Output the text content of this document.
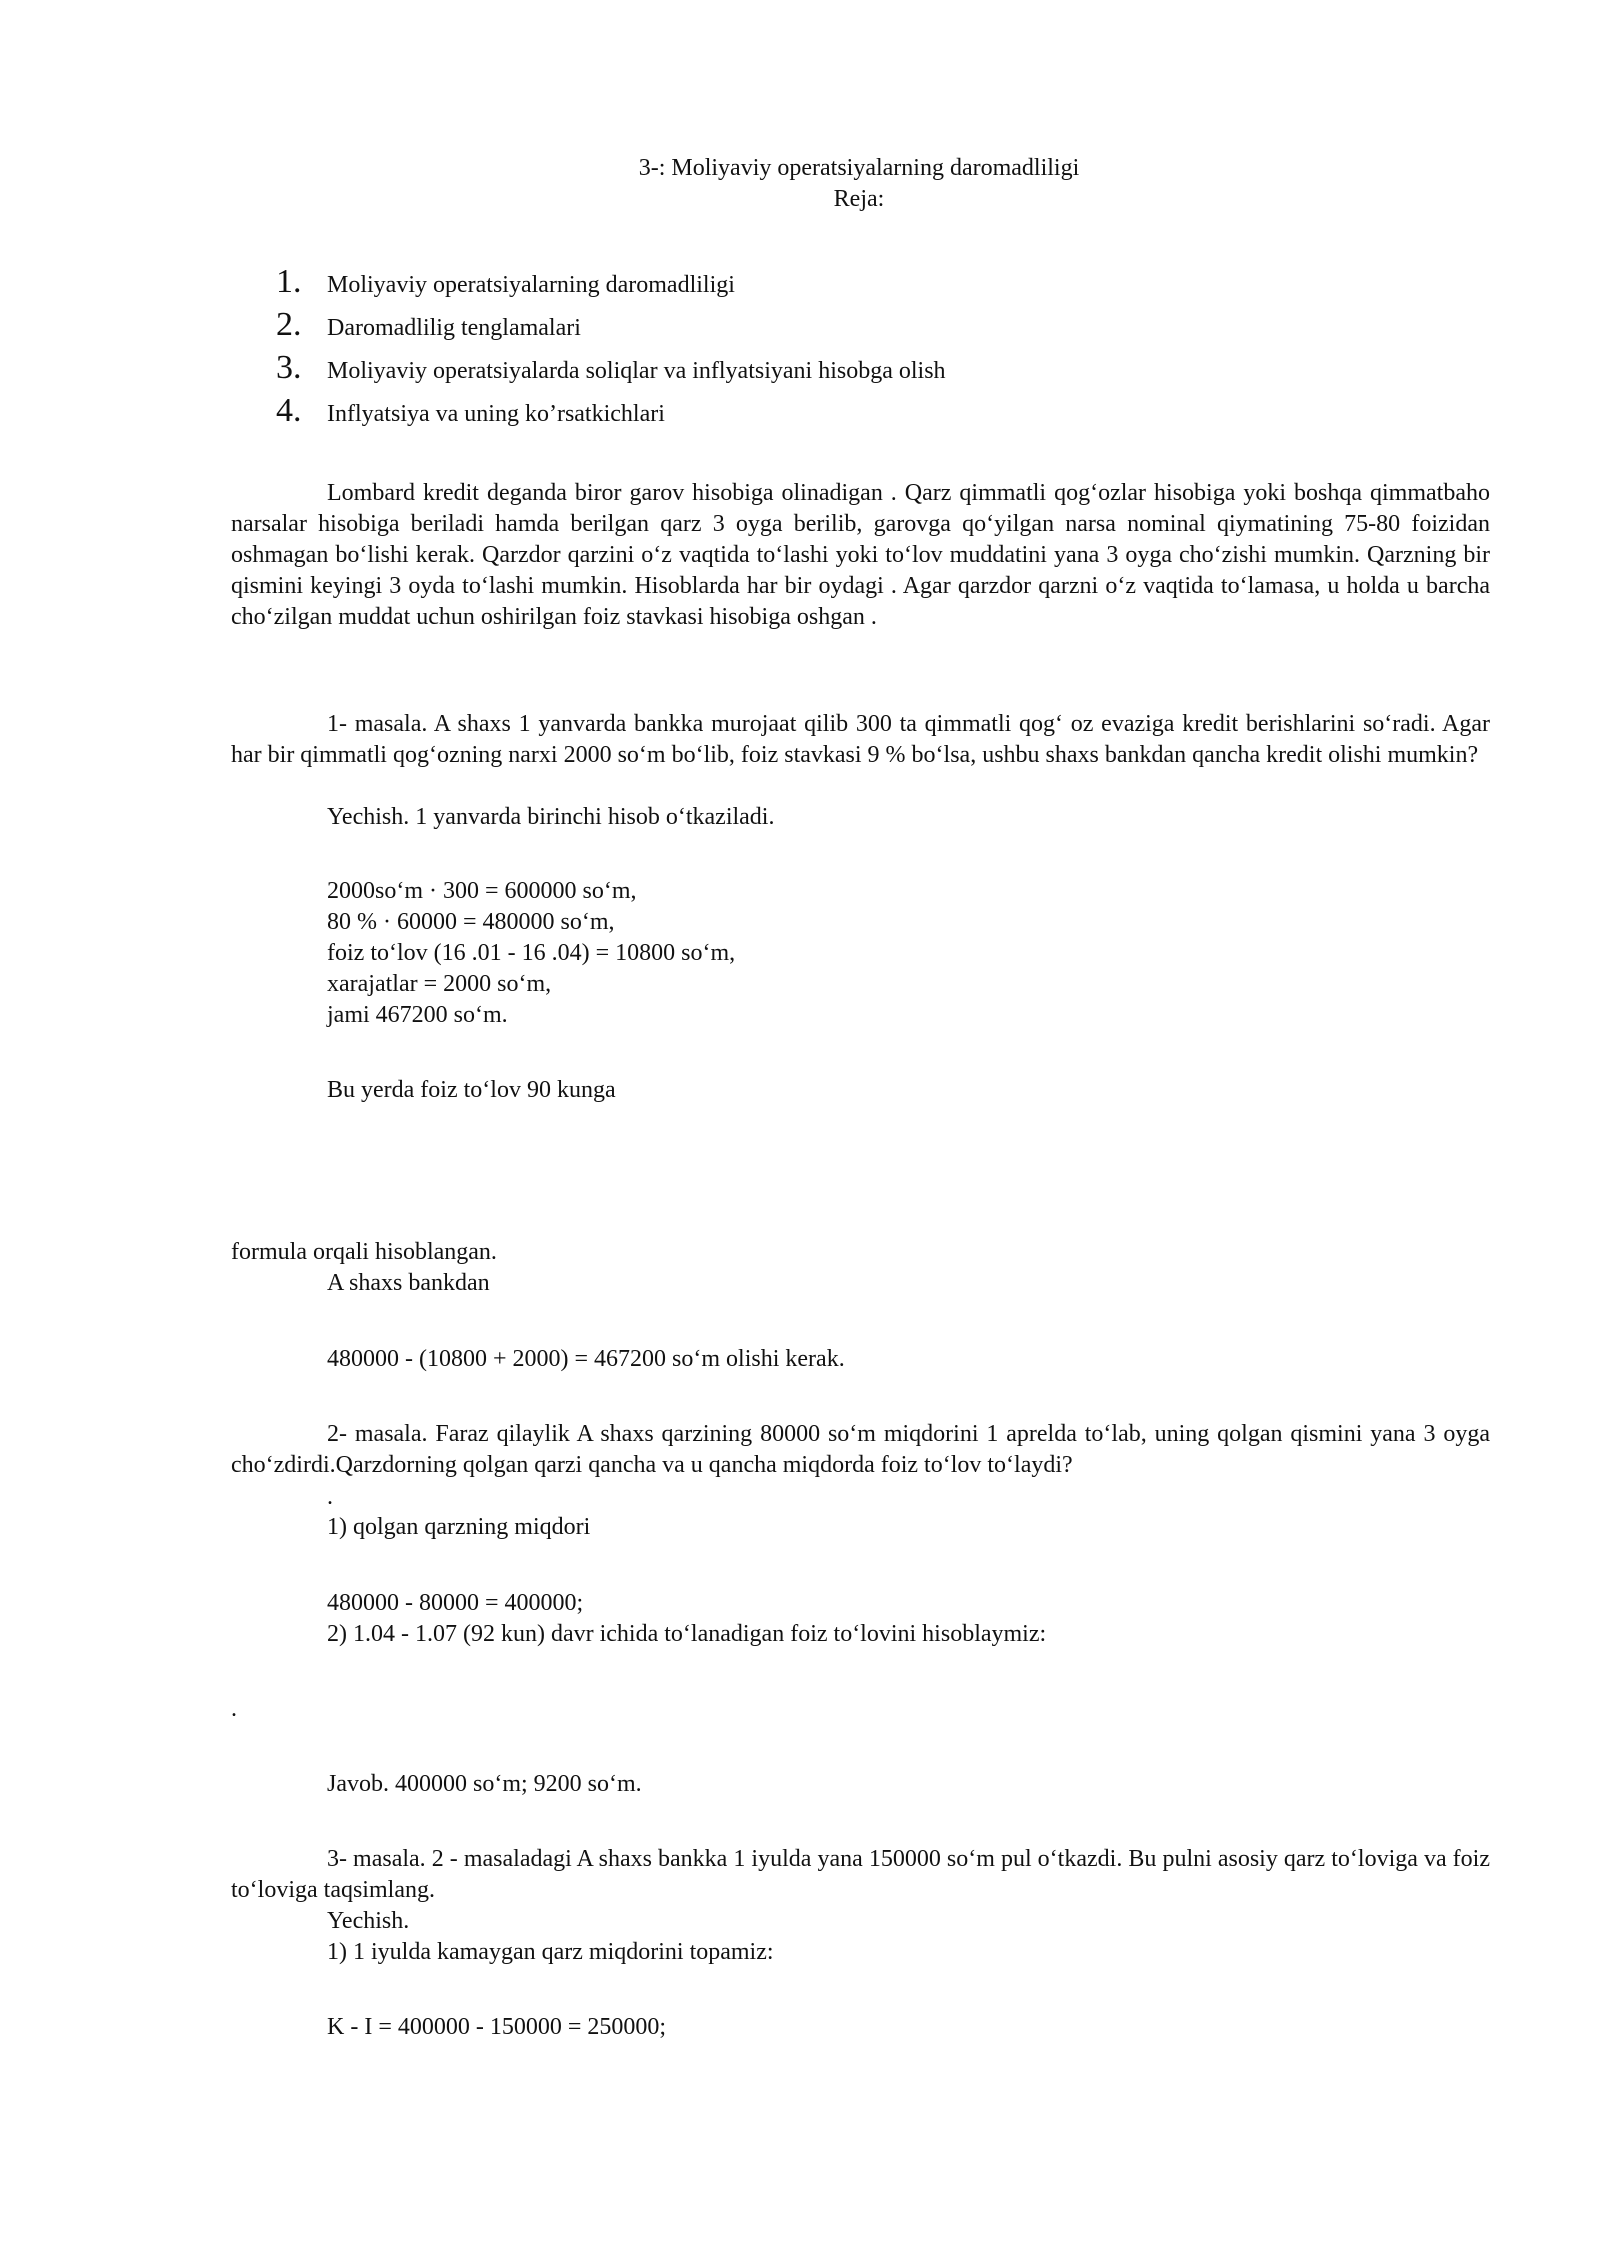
3-: Moliyaviy operatsiyalarning daromadliligi
Reja:
1. Moliyaviy operatsiyalarning daromadliligi
2. Daromadlilig tenglamalari
3. Moliyaviy operatsiyalarda soliqlar va inflyatsiyani hisobga olish
4. Inflyatsiya va uning ko’rsatkichlari

Lombard kredit deganda biror garov hisobiga olinadigan . Qarz qimmatli qog‘ozlar hisobiga yoki boshqa qimmatbaho narsalar hisobiga beriladi hamda berilgan qarz 3 oyga berilib, garovga qo‘yilgan narsa nominal qiymatining 75-80 foizidan oshmagan bo‘lishi kerak. Qarzdor qarzini o‘z vaqtida to‘lashi yoki to‘lov muddatini yana 3 oyga cho‘zishi mumkin. Qarzning bir qismini keyingi 3 oyda to‘lashi mumkin. Hisoblarda har bir oydagi . Agar qarzdor qarzni o‘z vaqtida to‘lamasa, u holda u barcha cho‘zilgan muddat uchun oshirilgan foiz stavkasi hisobiga oshgan .

1- masala. A shaxs 1 yanvarda bankka murojaat qilib 300 ta qimmatli qog‘ oz evaziga kredit berishlarini so‘radi. Agar har bir qimmatli qog‘ozning narxi 2000 so‘m bo‘lib, foiz stavkasi 9 % bo‘lsa, ushbu shaxs bankdan qancha kredit olishi mumkin?

Yechish. 1 yanvarda birinchi hisob o‘tkaziladi.
2000so‘m · 300 = 600000 so‘m,
80 % · 60000 = 480000 so‘m,
foiz to‘lov (16 .01 - 16 .04) = 10800 so‘m,
xarajatlar = 2000 so‘m,
jami 467200 so‘m.
Bu yerda foiz to‘lov 90 kunga
formula orqali hisoblangan.
A shaxs bankdan
480000 - (10800 + 2000) = 467200 so‘m olishi kerak.

2- masala. Faraz qilaylik A shaxs qarzining 80000 so‘m miqdorini 1 aprelda to‘lab, uning qolgan qismini yana 3 oyga cho‘zdirdi.Qarzdorning qolgan qarzi qancha va u qancha miqdorda foiz to‘lov to‘laydi?

.
1) qolgan qarzning miqdori
480000 - 80000 = 400000;
2) 1.04 - 1.07 (92 kun) davr ichida to‘lanadigan foiz to‘lovini hisoblaymiz:
.
Javob. 400000 so‘m; 9200 so‘m.

3- masala. 2 - masaladagi A shaxs bankka 1 iyulda yana 150000 so‘m pul o‘tkazdi. Bu pulni asosiy qarz to‘loviga va foiz to‘loviga taqsimlang.

Yechish.
1) 1 iyulda kamaygan qarz miqdorini topamiz:
K - I = 400000 - 150000 = 250000;
